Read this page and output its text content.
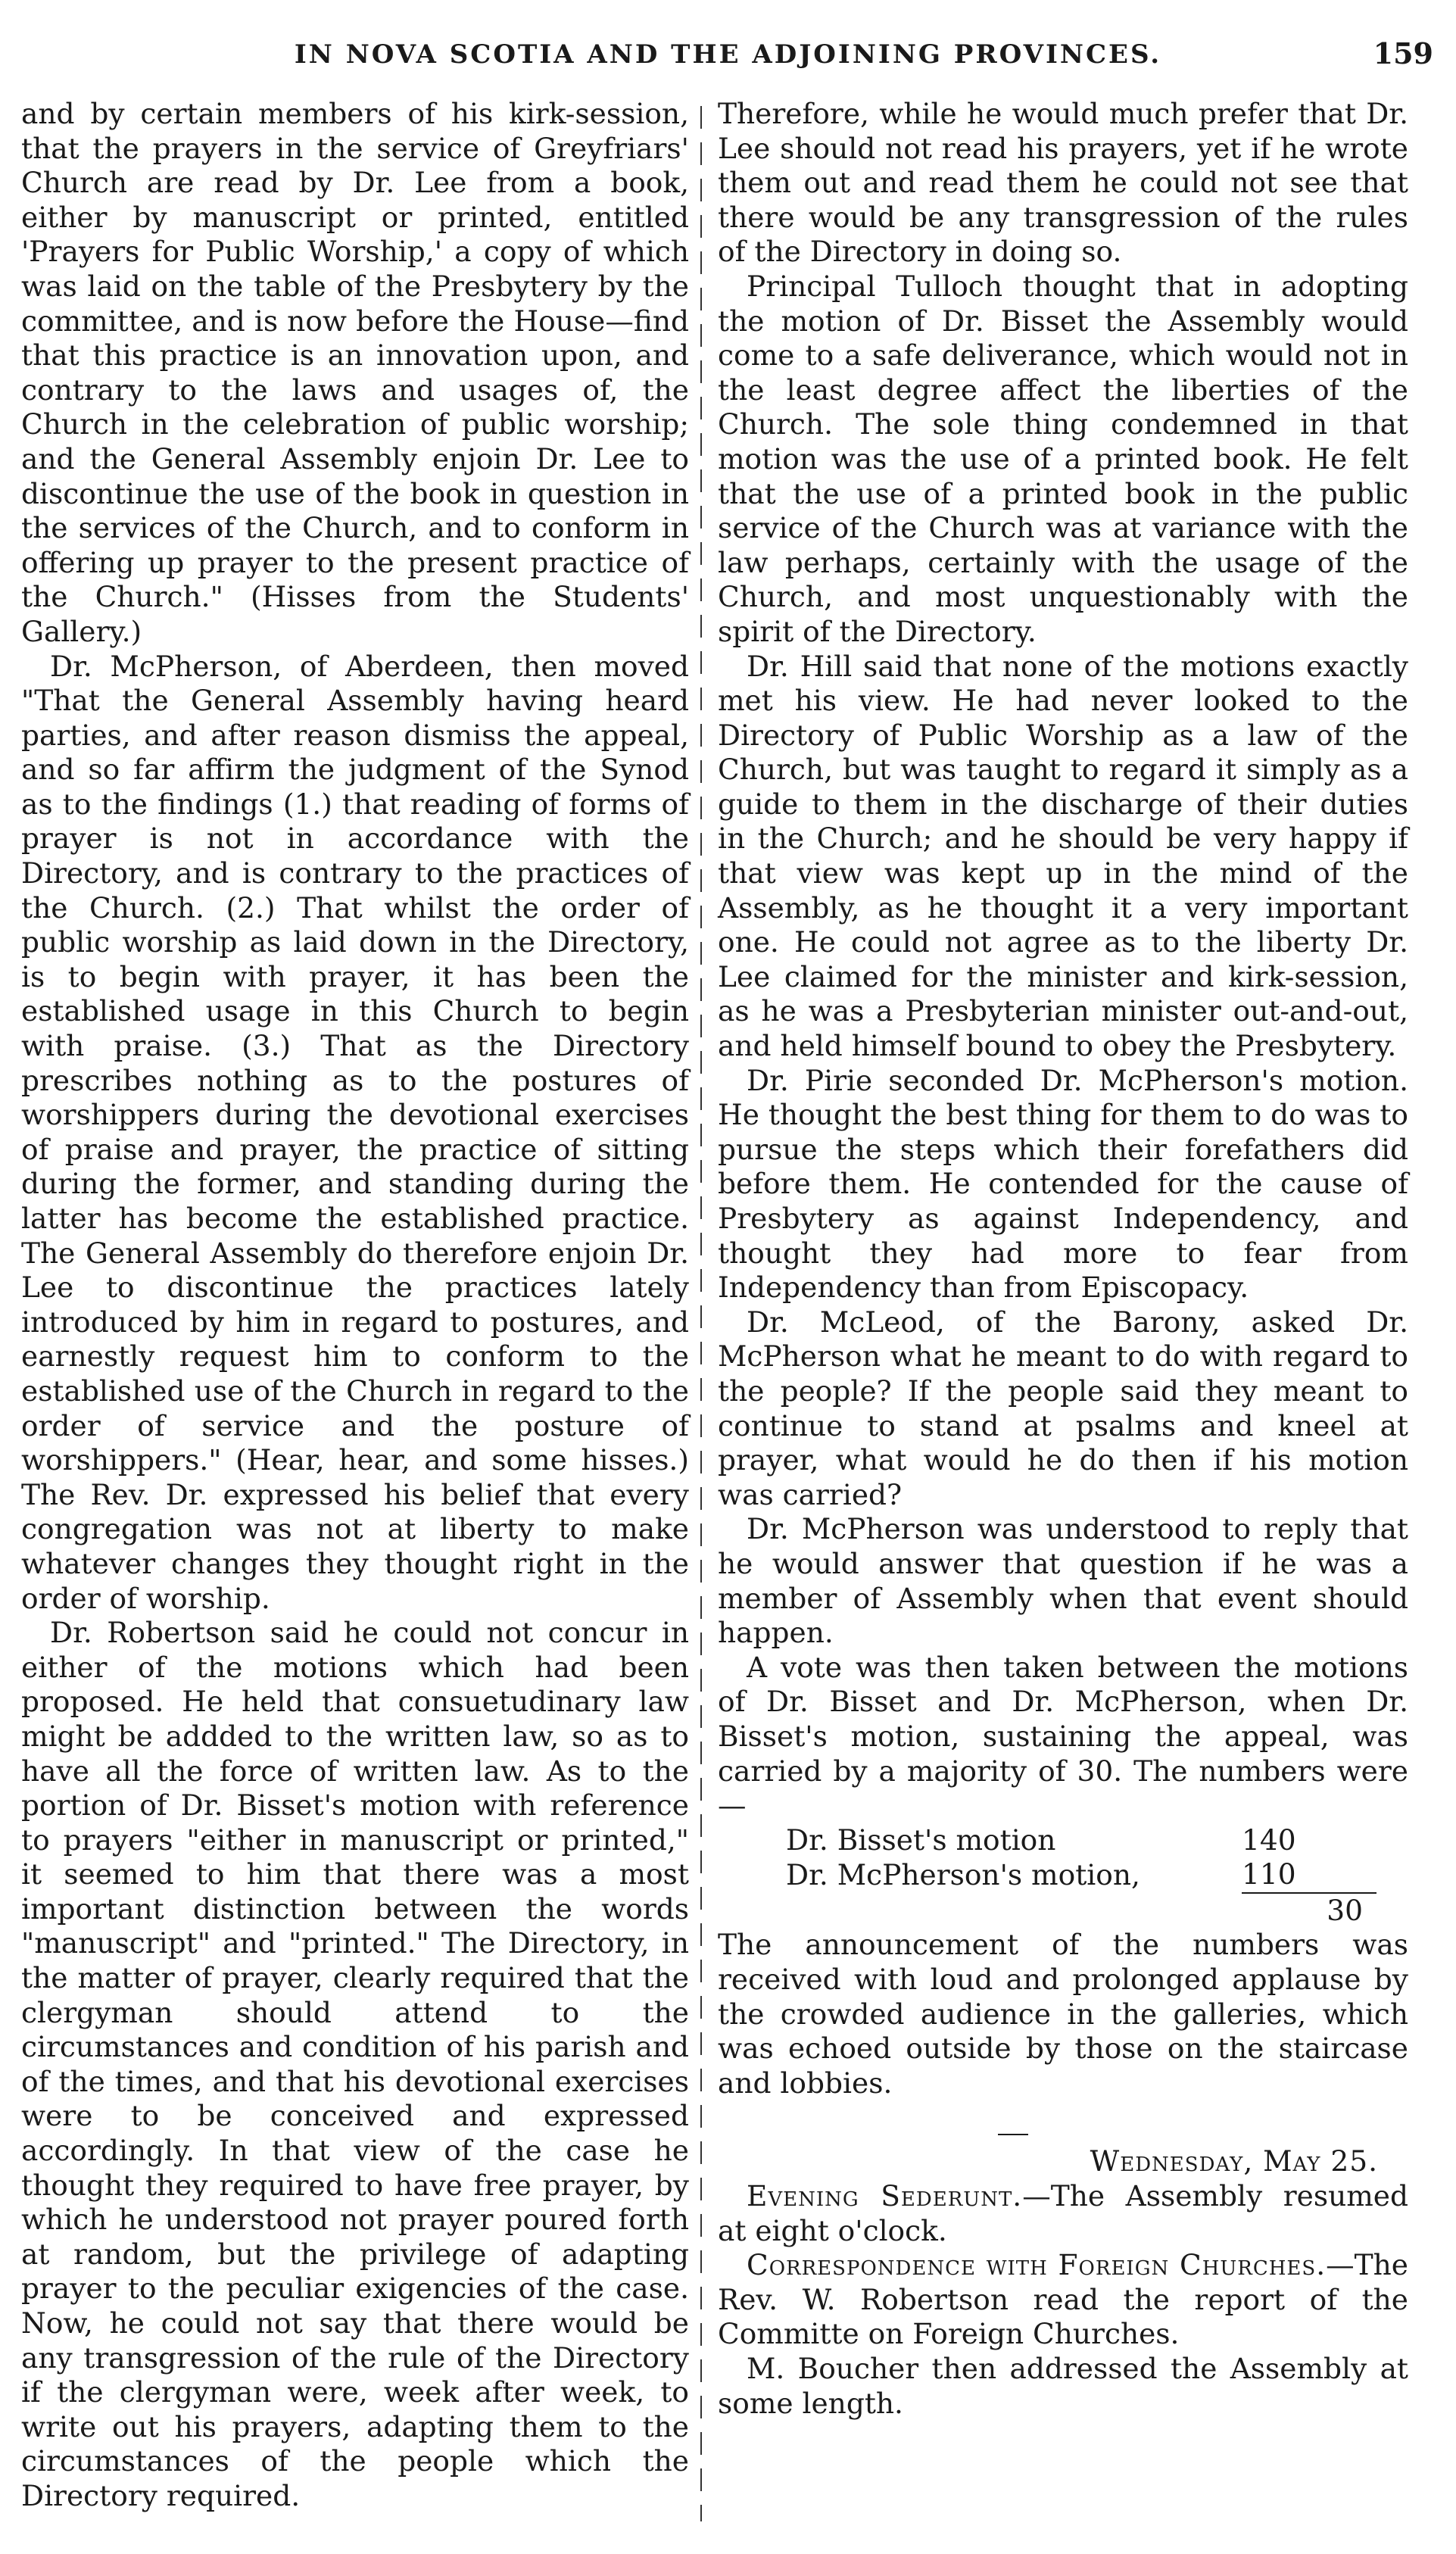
IN NOVA SCOTIA AND THE ADJOINING PROVINCES.	159

and by certain members of his kirk-session, that the prayers in the service of Greyfriars' Church are read by Dr. Lee from a book, either by manuscript or printed, entitled 'Prayers for Public Worship,' a copy of which was laid on the table of the Presbytery by the committee, and is now before the House—find that this practice is an innovation upon, and contrary to the laws and usages of, the Church in the celebration of public worship; and the General Assembly enjoin Dr. Lee to discontinue the use of the book in question in the services of the Church, and to conform in offering up prayer to the present practice of the Church." (Hisses from the Students' Gallery.)

Dr. McPherson, of Aberdeen, then moved "That the General Assembly having heard parties, and after reason dismiss the appeal, and so far affirm the judgment of the Synod as to the findings (1.) that reading of forms of prayer is not in accordance with the Directory, and is contrary to the practices of the Church. (2.) That whilst the order of public worship as laid down in the Directory, is to begin with prayer, it has been the established usage in this Church to begin with praise. (3.) That as the Directory prescribes nothing as to the postures of worshippers during the devotional exercises of praise and prayer, the practice of sitting during the former, and standing during the latter has become the established practice. The General Assembly do therefore enjoin Dr. Lee to discontinue the practices lately introduced by him in regard to postures, and earnestly request him to conform to the established use of the Church in regard to the order of service and the posture of worshippers." (Hear, hear, and some hisses.) The Rev. Dr. expressed his belief that every congregation was not at liberty to make whatever changes they thought right in the order of worship.

Dr. Robertson said he could not concur in either of the motions which had been proposed. He held that consuetudinary law might be addded to the written law, so as to have all the force of written law. As to the portion of Dr. Bisset's motion with reference to prayers "either in manuscript or printed," it seemed to him that there was a most important distinction between the words "manuscript" and "printed." The Directory, in the matter of prayer, clearly required that the clergyman should attend to the circumstances and condition of his parish and of the times, and that his devotional exercises were to be conceived and expressed accordingly. In that view of the case he thought they required to have free prayer, by which he understood not prayer poured forth at random, but the privilege of adapting prayer to the peculiar exigencies of the case. Now, he could not say that there would be any transgression of the rule of the Directory if the clergyman were, week after week, to write out his prayers, adapting them to the circumstances of the people which the Directory required.

Therefore, while he would much prefer that Dr. Lee should not read his prayers, yet if he wrote them out and read them he could not see that there would be any transgression of the rules of the Directory in doing so.

Principal Tulloch thought that in adopting the motion of Dr. Bisset the Assembly would come to a safe deliverance, which would not in the least degree affect the liberties of the Church. The sole thing condemned in that motion was the use of a printed book. He felt that the use of a printed book in the public service of the Church was at variance with the law perhaps, certainly with the usage of the Church, and most unquestionably with the spirit of the Directory.

Dr. Hill said that none of the motions exactly met his view. He had never looked to the Directory of Public Worship as a law of the Church, but was taught to regard it simply as a guide to them in the discharge of their duties in the Church; and he should be very happy if that view was kept up in the mind of the Assembly, as he thought it a very important one. He could not agree as to the liberty Dr. Lee claimed for the minister and kirk-session, as he was a Presbyterian minister out-and-out, and held himself bound to obey the Presbytery.

Dr. Pirie seconded Dr. McPherson's motion. He thought the best thing for them to do was to pursue the steps which their forefathers did before them. He contended for the cause of Presbytery as against Independency, and thought they had more to fear from Independency than from Episcopacy.

Dr. McLeod, of the Barony, asked Dr. McPherson what he meant to do with regard to the people? If the people said they meant to continue to stand at psalms and kneel at prayer, what would he do then if his motion was carried?

Dr. McPherson was understood to reply that he would answer that question if he was a member of Assembly when that event should happen.

A vote was then taken between the motions of Dr. Bisset and Dr. McPherson, when Dr. Bisset's motion, sustaining the appeal, was carried by a majority of 30. The numbers were—

Dr. Bisset's motion	140
Dr. McPherson's motion,	110
	30

The announcement of the numbers was received with loud and prolonged applause by the crowded audience in the galleries, which was echoed outside by those on the staircase and lobbies.

Wednesday, May 25.

Evening Sederunt.—The Assembly resumed at eight o'clock.

Correspondence with Foreign Churches.—The Rev. W. Robertson read the report of the Committe on Foreign Churches.

M. Boucher then addressed the Assembly at some length.
